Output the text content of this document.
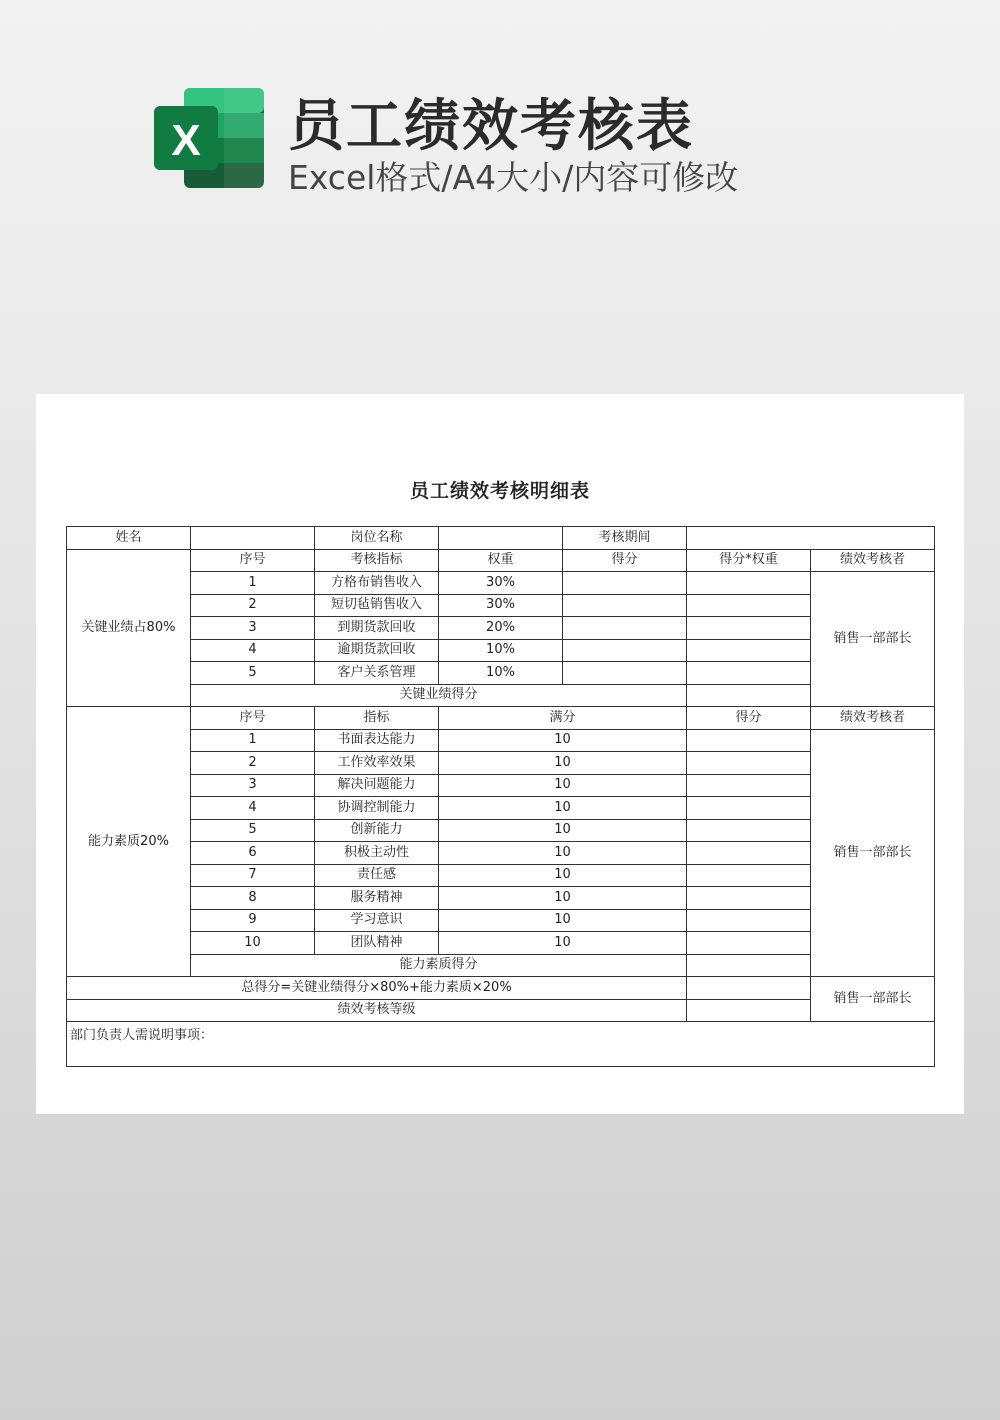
X 员工绩效考核表
Excel格式/A4大小/内容可修改
员工绩效考核明细表
姓名		岗位名称		考核期间		
关键业绩占80%	序号	考核指标	权重	得分	得分*权重	绩效考核者
	1	方格布销售收入	30%			销售一部部长
	2	短切毡销售收入	30%			
	3	到期货款回收	20%			
	4	逾期货款回收	10%			
	5	客户关系管理	10%			
	关键业绩得分					
能力素质20%	序号	指标	满分		得分	绩效考核者
	1	书面表达能力	10			销售一部部长
	2	工作效率效果	10			
	3	解决问题能力	10			
	4	协调控制能力	10			
	5	创新能力	10			
	6	积极主动性	10			
	7	责任感	10			
	8	服务精神	10			
	9	学习意识	10			
	10	团队精神	10			
	能力素质得分					
总得分=关键业绩得分×80%+能力素质×20%						销售一部部长
绩效考核等级						
部门负责人需说明事项：						
